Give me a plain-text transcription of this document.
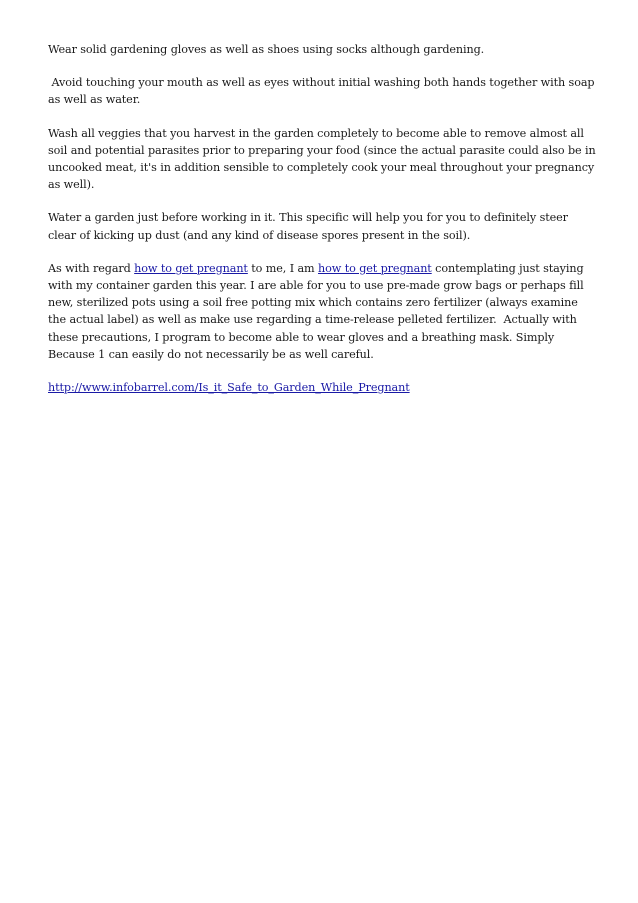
Wear solid gardening gloves as well as shoes using socks although gardening.

Avoid touching your mouth as well as eyes without initial washing both hands together with soap as well as water.

Wash all veggies that you harvest in the garden completely to become able to remove almost all soil and potential parasites prior to preparing your food (since the actual parasite could also be in uncooked meat, it's in addition sensible to completely cook your meal throughout your pregnancy as well).

Water a garden just before working in it. This specific will help you for you to definitely steer clear of kicking up dust (and any kind of disease spores present in the soil).

As with regard how to get pregnant to me, I am how to get pregnant contemplating just staying with my container garden this year. I are able for you to use pre-made grow bags or perhaps fill new, sterilized pots using a soil free potting mix which contains zero fertilizer (always examine the actual label) as well as make use regarding a time-release pelleted fertilizer.  Actually with these precautions, I program to become able to wear gloves and a breathing mask. Simply Because 1 can easily do not necessarily be as well careful.

http://www.infobarrel.com/Is_it_Safe_to_Garden_While_Pregnant
